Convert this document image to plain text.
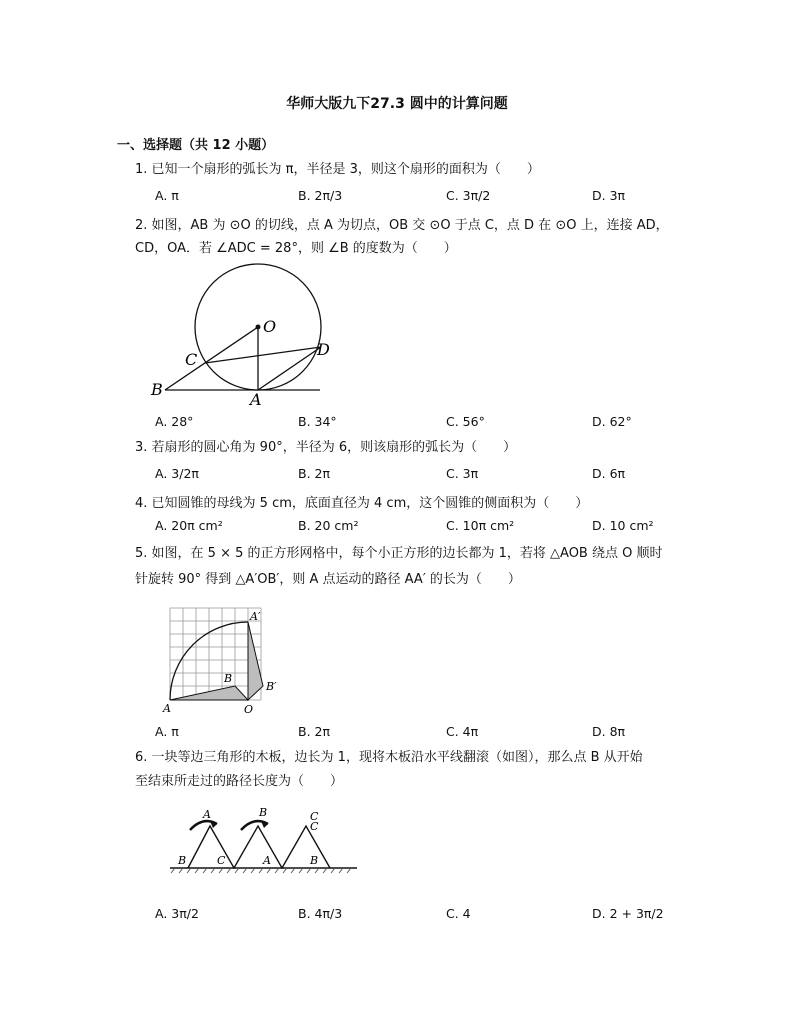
华师大版九下27.3 圆中的计算问题
一、选择题（共 12 小题）
1. 已知一个扇形的弧长为 π，半径是 3，则这个扇形的面积为（　　）
A. π	B. 2π/3	C. 3π/2	D. 3π
2. 如图，AB 为 ⊙O 的切线，点 A 为切点，OB 交 ⊙O 于点 C，点 D 在 ⊙O 上，连接 AD，
CD，OA．若 ∠ADC = 28°，则 ∠B 的度数为（　　）
O
C
D
B
A
A. 28°	B. 34°	C. 56°	D. 62°
3. 若扇形的圆心角为 90°，半径为 6，则该扇形的弧长为（　　）
A. 3/2π	B. 2π	C. 3π	D. 6π
4. 已知圆锥的母线为 5 cm，底面直径为 4 cm，这个圆锥的侧面积为（　　）
A. 20π cm²	B. 20 cm²	C. 10π cm²	D. 10 cm²
5. 如图，在 5 × 5 的正方形网格中，每个小正方形的边长都为 1，若将 △AOB 绕点 O 顺时
针旋转 90° 得到 △A′OB′，则 A 点运动的路径 AA′ 的长为（　　）
A′
B
B′
A	O
A. π	B. 2π	C. 4π	D. 8π
6. 一块等边三角形的木板，边长为 1，现将木板沿水平线翻滚（如图），那么点 B 从开始
至结束所走过的路径长度为（　　）
A
B	C
B
C
A
C
B
A. 3π/2	B. 4π/3	C. 4	D. 2 + 3π/2
